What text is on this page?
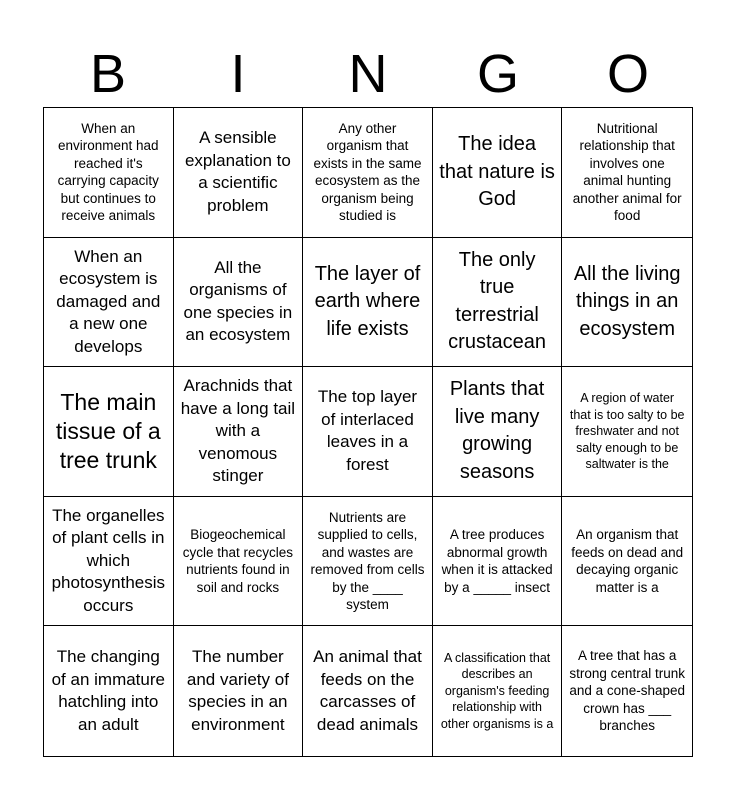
B	I	N	G	O
When an environment had reached it's carrying capacity but continues to receive animals
A sensible explanation to a scientific problem
Any other organism that exists in the same ecosystem as the organism being studied is
The idea that nature is God
Nutritional relationship that involves one animal hunting another animal for food
When an ecosystem is damaged and a new one develops
All the organisms of one species in an ecosystem
The layer of earth where life exists
The only true terrestrial crustacean
All the living things in an ecosystem
The main tissue of a tree trunk
Arachnids that have a long tail with a venomous stinger
The top layer of interlaced leaves in a forest
Plants that live many growing seasons
A region of water that is too salty to be freshwater and not salty enough to be saltwater is the
The organelles of plant cells in which photosynthesis occurs
Biogeochemical cycle that recycles nutrients found in soil and rocks
Nutrients are supplied to cells, and wastes are removed from cells by the ____ system
A tree produces abnormal growth when it is attacked by a _____ insect
An organism that feeds on dead and decaying organic matter is a
The changing of an immature hatchling into an adult
The number and variety of species in an environment
An animal that feeds on the carcasses of dead animals
A classification that describes an organism's feeding relationship with other organisms is a
A tree that has a strong central trunk and a cone-shaped crown has ___ branches
